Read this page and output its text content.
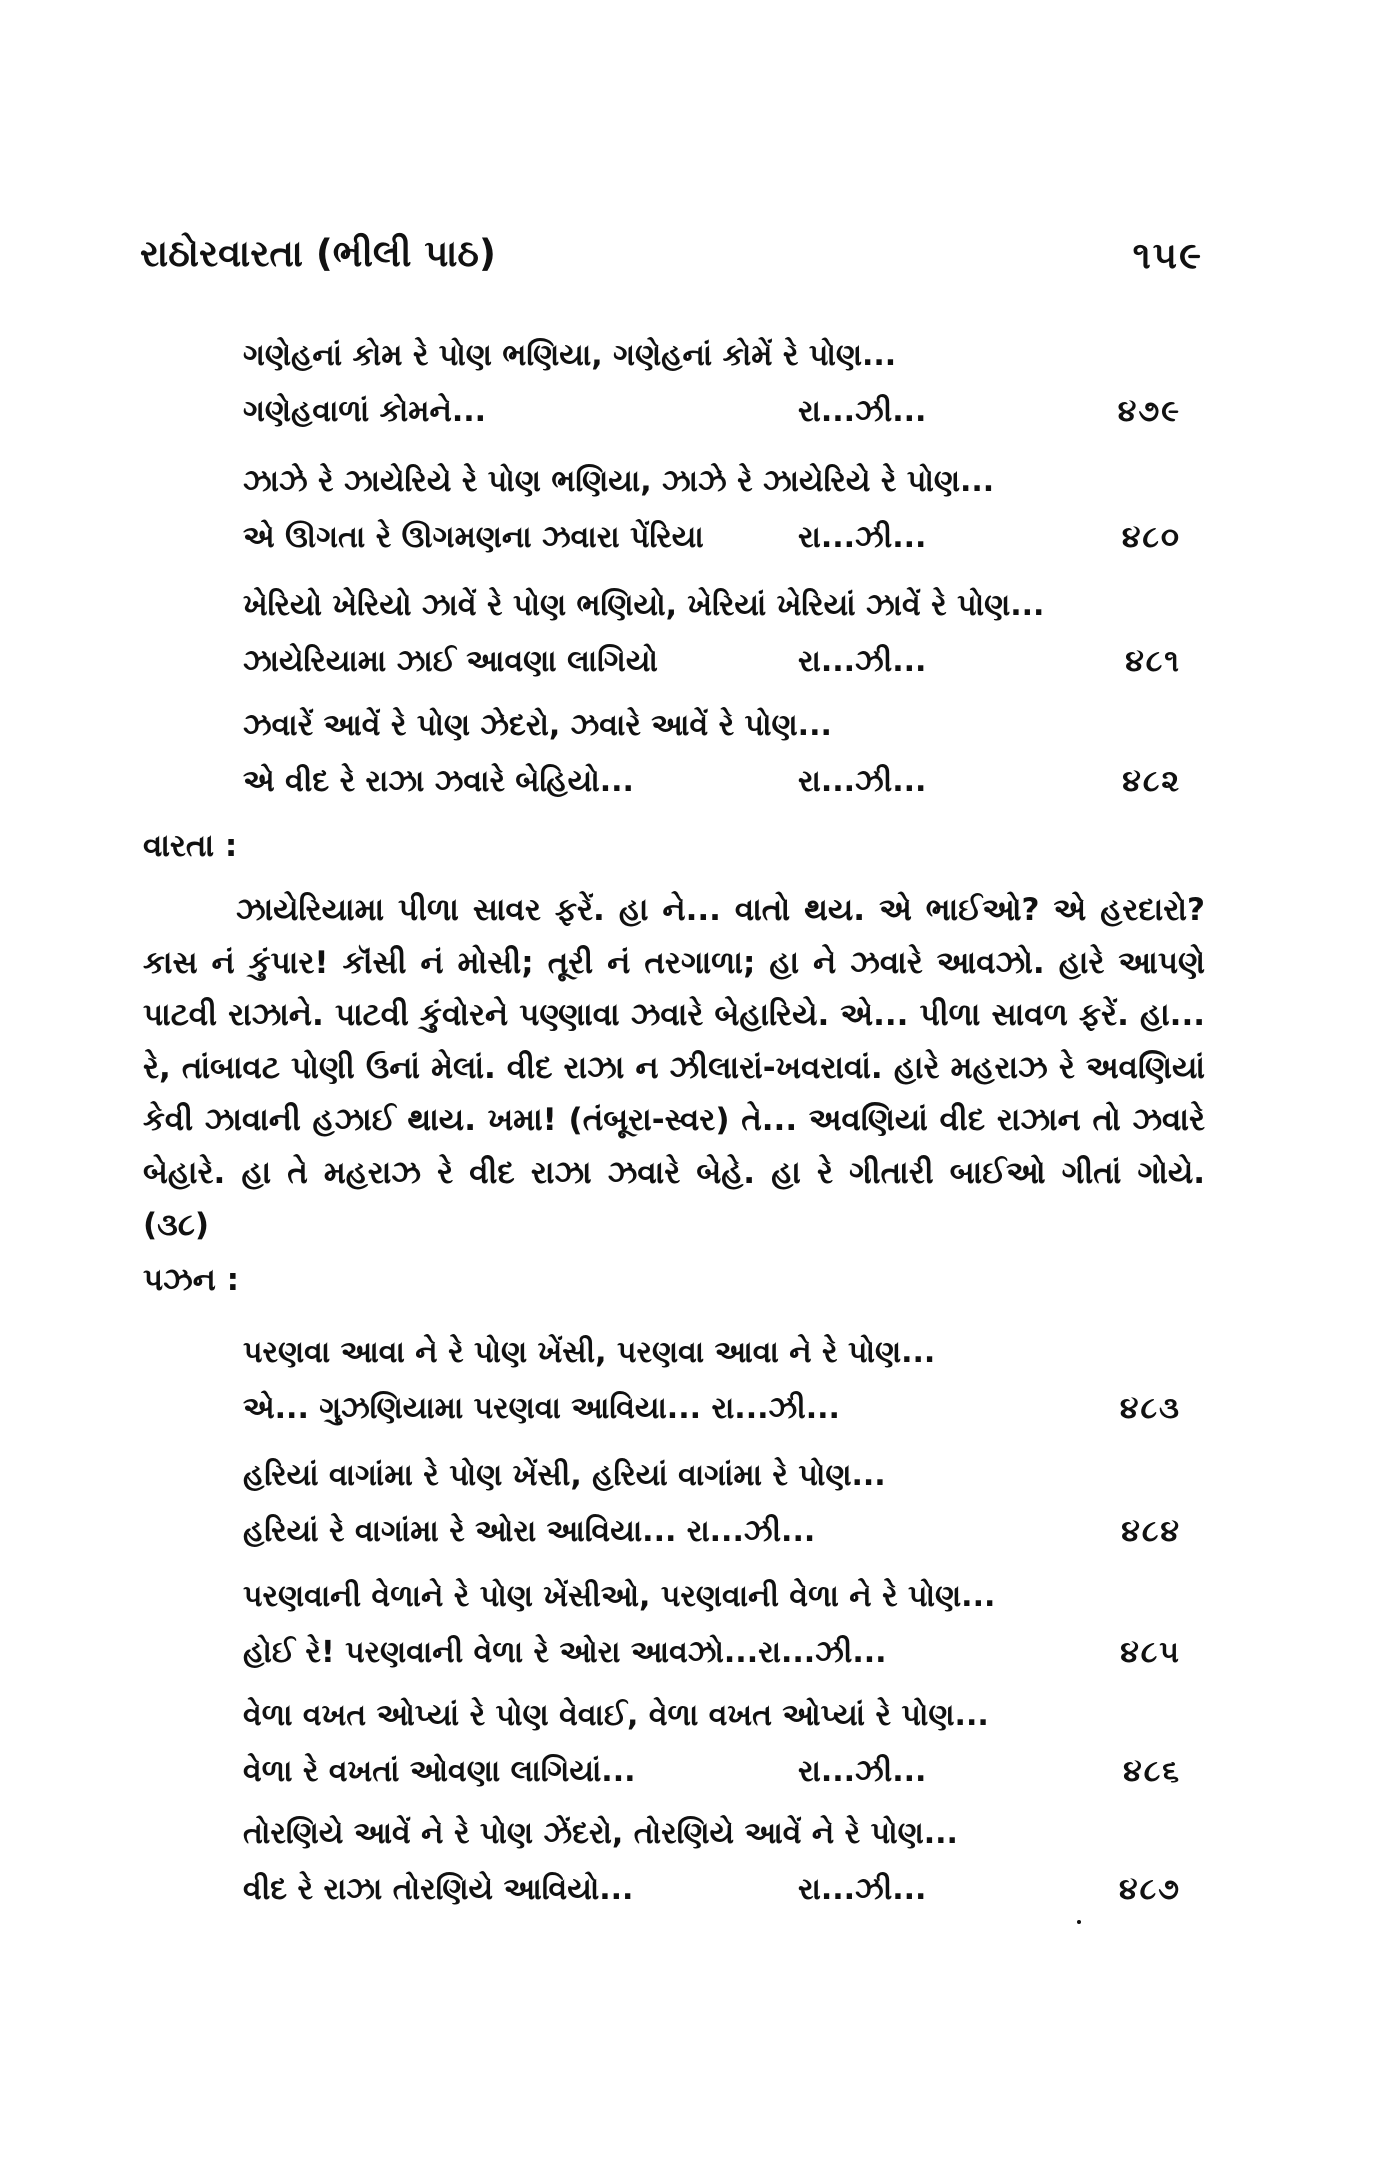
રાઠોરવારતા (ભીલી પાઠ)	૧૫૯
ગણેહનાં કોમ રે પોણ ભણિયા, ગણેહનાં કોમેં રે પોણ...
ગણેહવાળાં કોમને...	રા...ઝી...	૪૭૯
ઝાઝે રે ઝાયેરિયે રે પોણ ભણિયા, ઝાઝે રે ઝાયેરિયે રે પોણ...
એ ઊગતા રે ઊગમણના ઝવારા પેંરિયા	રા...ઝી...	૪૮૦
ખેરિયો ખેરિયો ઝાવેં રે પોણ ભણિયો, ખેરિયાં ખેરિયાં ઝાવેં રે પોણ...
ઝાયેરિયામા ઝાઈ આવણા લાગિયો	રા...ઝી...	૪૮૧
ઝવારેં આવેં રે પોણ ઝેદરો, ઝવારે આવેં રે પોણ...
એ વીદ રે રાઝા ઝવારે બેહિયો...	રા...ઝી...	૪૮૨
વારતા :
ઝાયેરિયામા પીળા સાવર ફરેં. હા ને... વાતો થય. એ ભાઈઓ? એ હરદારો? કાસ નં કુંપાર! કૉંસી નં મોસી; તૂરી નં તરગાળા; હા ને ઝવારે આવઝો. હારે આપણે પાટવી રાઝાને. પાટવી કુંવોરને પણ્ણાવા ઝવારે બેહારિયે. એ... પીળા સાવળ ફરેં. હા... રે, તાંબાવટ પોણી ઉનાં મેલાં. વીદ રાઝા ન ઝીલારાં-ખવરાવાં. હારે મહરાઝ રે અવણિયાં કેવી ઝાવાની હઝાઈ થાય. ખમા! (તંબૂરા-સ્વર) તે... અવણિયાં વીદ રાઝાન તો ઝવારે બેહારે. હા તે મહરાઝ રે વીદ રાઝા ઝવારે બેહે. હા રે ગીતારી બાઈઓ ગીતાં ગોયે. (૩૮)
પઝન :
પરણવા આવા ને રે પોણ ખેંસી, પરણવા આવા ને રે પોણ...
એ... ગુઝણિયામા પરણવા આવિયા... રા...ઝી...	૪૮૩
હરિયાં વાગાંમા રે પોણ ખેંસી, હરિયાં વાગાંમા રે પોણ...
હરિયાં રે વાગાંમા રે ઓરા આવિયા... રા...ઝી...	૪૮૪
પરણવાની વેળાને રે પોણ ખેંસીઓ, પરણવાની વેળા ને રે પોણ...
હોઈ રે! પરણવાની વેળા રે ઓરા આવઝો...રા...ઝી...	૪૮૫
વેળા વખત ઓપ્યાં રે પોણ વેવાઈ, વેળા વખત ઓપ્યાં રે પોણ...
વેળા રે વખતાં ઓવણા લાગિયાં...	રા...ઝી...	૪૮૬
તોરણિયે આવેં ને રે પોણ ઝેંદરો, તોરણિયે આવેં ને રે પોણ...
વીદ રે રાઝા તોરણિયે આવિયો...	રા...ઝી...	૪૮૭
